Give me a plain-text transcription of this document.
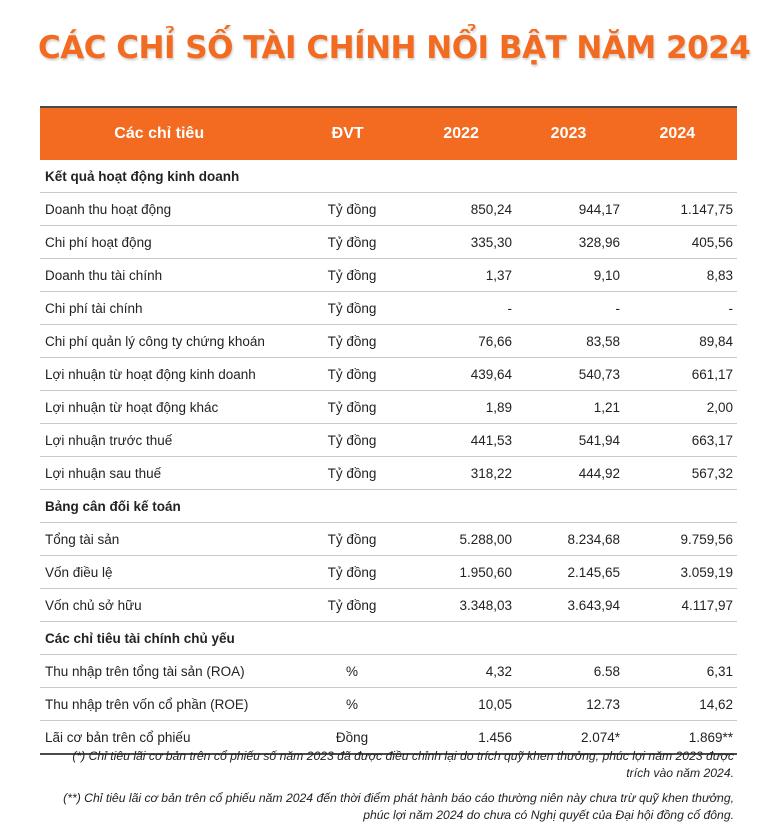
CÁC CHỈ SỐ TÀI CHÍNH NỔI BẬT NĂM 2024
Các chỉ tiêu	ĐVT	2022	2023	2024
Kết quả hoạt động kinh doanh
Doanh thu hoạt động	Tỷ đồng	850,24	944,17	1.147,75
Chi phí hoạt động	Tỷ đồng	335,30	328,96	405,56
Doanh thu tài chính	Tỷ đồng	1,37	9,10	8,83
Chi phí tài chính	Tỷ đồng	-	-	-
Chi phí quản lý công ty chứng khoán	Tỷ đồng	76,66	83,58	89,84
Lợi nhuận từ hoạt động kinh doanh	Tỷ đồng	439,64	540,73	661,17
Lợi nhuận từ hoạt động khác	Tỷ đồng	1,89	1,21	2,00
Lợi nhuận trước thuế	Tỷ đồng	441,53	541,94	663,17
Lợi nhuận sau thuế	Tỷ đồng	318,22	444,92	567,32
Bảng cân đối kế toán
Tổng tài sản	Tỷ đồng	5.288,00	8.234,68	9.759,56
Vốn điều lệ	Tỷ đồng	1.950,60	2.145,65	3.059,19
Vốn chủ sở hữu	Tỷ đồng	3.348,03	3.643,94	4.117,97
Các chỉ tiêu tài chính chủ yếu
Thu nhập trên tổng tài sản (ROA)	%	4,32	6.58	6,31
Thu nhập trên vốn cổ phần (ROE)	%	10,05	12.73	14,62
Lãi cơ bản trên cổ phiếu	Đồng	1.456	2.074*	1.869**
(*) Chỉ tiêu lãi cơ bản trên cổ phiếu số năm 2023 đã được điều chỉnh lại do trích quỹ khen thưởng, phúc lợi năm 2023 được trích vào năm 2024.
(**) Chỉ tiêu lãi cơ bản trên cổ phiếu năm 2024 đến thời điểm phát hành báo cáo thường niên này chưa trừ quỹ khen thưởng, phúc lợi năm 2024 do chưa có Nghị quyết của Đại hội đồng cổ đông.
